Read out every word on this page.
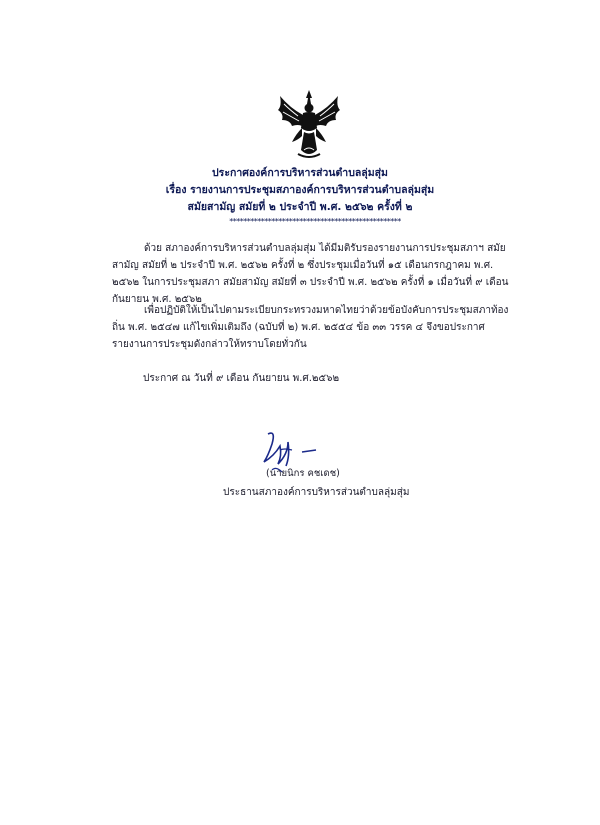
ประกาศองค์การบริหารส่วนตำบลลุ่มสุ่ม
เรื่อง รายงานการประชุมสภาองค์การบริหารส่วนตำบลลุ่มสุ่ม
สมัยสามัญ สมัยที่ ๒ ประจำปี พ.ศ. ๒๕๖๒ ครั้งที่ ๒
*************************************************
ด้วย สภาองค์การบริหารส่วนตำบลลุ่มสุ่ม ได้มีมติรับรองรายงานการประชุมสภาฯ สมัยสามัญ สมัยที่ ๒ ประจำปี พ.ศ. ๒๕๖๒ ครั้งที่ ๒ ซึ่งประชุมเมื่อวันที่ ๑๕ เดือนกรกฎาคม พ.ศ. ๒๕๖๒ ในการประชุมสภา สมัยสามัญ สมัยที่ ๓ ประจำปี พ.ศ. ๒๕๖๒ ครั้งที่ ๑ เมื่อวันที่ ๙ เดือนกันยายน พ.ศ. ๒๕๖๒
เพื่อปฏิบัติให้เป็นไปตามระเบียบกระทรวงมหาดไทยว่าด้วยข้อบังคับการประชุมสภาท้องถิ่น พ.ศ. ๒๕๔๗ แก้ไขเพิ่มเติมถึง (ฉบับที่ ๒) พ.ศ. ๒๕๕๔ ข้อ ๓๓ วรรค ๔ จึงขอประกาศรายงานการประชุมดังกล่าวให้ทราบโดยทั่วกัน
ประกาศ ณ วันที่ ๙ เดือน กันยายน พ.ศ.๒๕๖๒
(นายนิกร คชเดช)
ประธานสภาองค์การบริหารส่วนตำบลลุ่มสุ่ม
